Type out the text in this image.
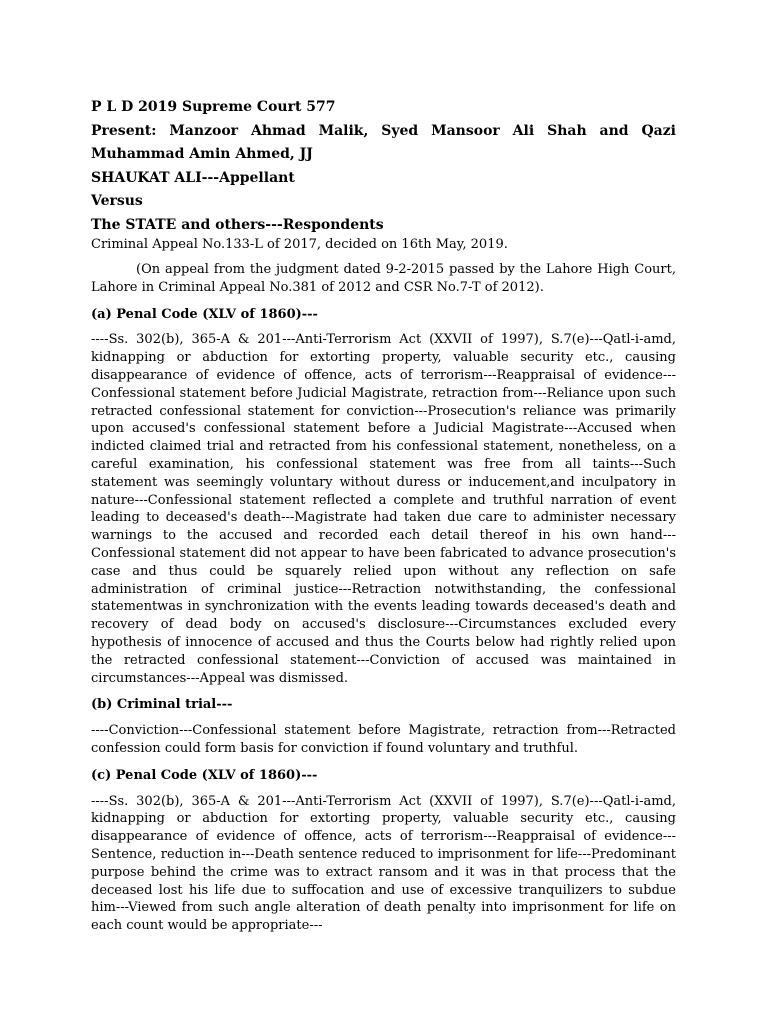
P L D 2019 Supreme Court 577
Present: Manzoor Ahmad Malik, Syed Mansoor Ali Shah and Qazi Muhammad Amin Ahmed, JJ
SHAUKAT ALI---Appellant
Versus
The STATE and others---Respondents
Criminal Appeal No.133-L of 2017, decided on 16th May, 2019.

(On appeal from the judgment dated 9-2-2015 passed by the Lahore High Court, Lahore in Criminal Appeal No.381 of 2012 and CSR No.7-T of 2012).

(a) Penal Code (XLV of 1860)---

----Ss. 302(b), 365-A & 201---Anti-Terrorism Act (XXVII of 1997), S.7(e)---Qatl-i-amd, kidnapping or abduction for extorting property, valuable security etc., causing disappearance of evidence of offence, acts of terrorism---Reappraisal of evidence---Confessional statement before Judicial Magistrate, retraction from---Reliance upon such retracted confessional statement for conviction---Prosecution's reliance was primarily upon accused's confessional statement before a Judicial Magistrate---Accused when indicted claimed trial and retracted from his confessional statement, nonetheless, on a careful examination, his confessional statement was free from all taints---Such statement was seemingly voluntary without duress or inducement,and inculpatory in nature---Confessional statement reflected a complete and truthful narration of event leading to deceased's death---Magistrate had taken due care to administer necessary warnings to the accused and recorded each detail thereof in his own hand---Confessional statement did not appear to have been fabricated to advance prosecution's case and thus could be squarely relied upon without any reflection on safe administration of criminal justice---Retraction notwithstanding, the confessional statementwas in synchronization with the events leading towards deceased's death and recovery of dead body on accused's disclosure---Circumstances excluded every hypothesis of innocence of accused and thus the Courts below had rightly relied upon the retracted confessional statement---Conviction of accused was maintained in circumstances---Appeal was dismissed.

(b) Criminal trial---

----Conviction---Confessional statement before Magistrate, retraction from---Retracted confession could form basis for conviction if found voluntary and truthful.

(c) Penal Code (XLV of 1860)---

----Ss. 302(b), 365-A & 201---Anti-Terrorism Act (XXVII of 1997), S.7(e)---Qatl-i-amd, kidnapping or abduction for extorting property, valuable security etc., causing disappearance of evidence of offence, acts of terrorism---Reappraisal of evidence---Sentence, reduction in---Death sentence reduced to imprisonment for life---Predominant purpose behind the crime was to extract ransom and it was in that process that the deceased lost his life due to suffocation and use of excessive tranquilizers to subdue him---Viewed from such angle alteration of death penalty into imprisonment for life on each count would be appropriate---
